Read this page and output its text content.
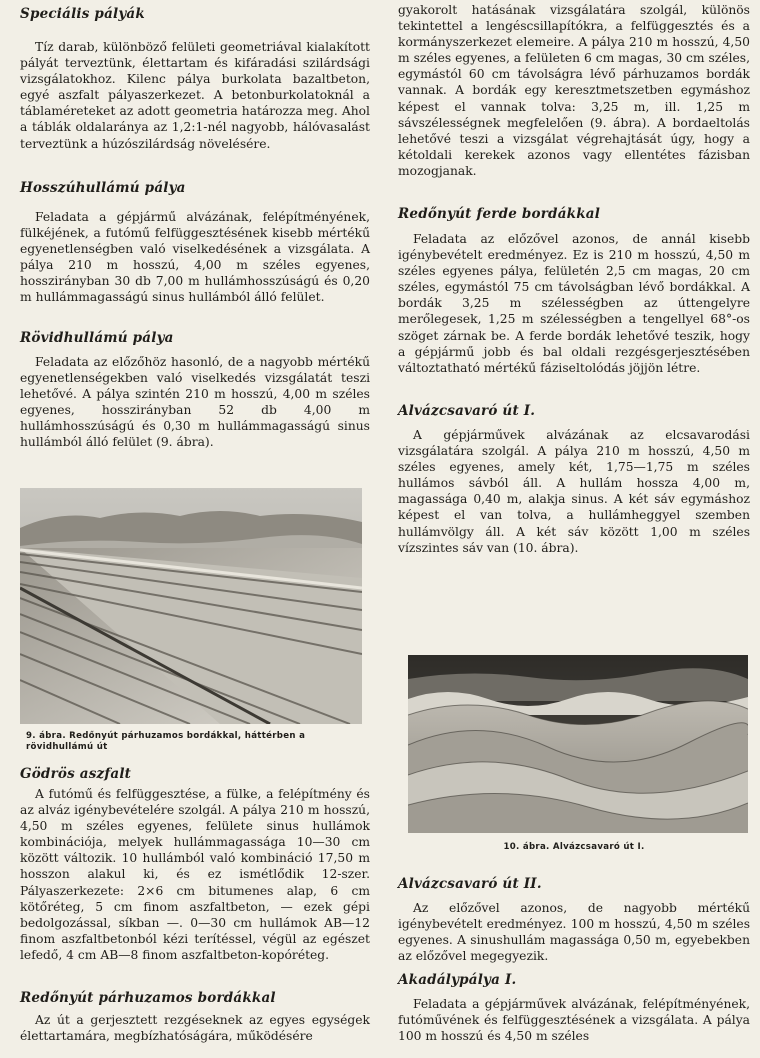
Speciális pályák

Tíz darab, különböző felületi geometriával kialakított pályát terveztünk, élettartam és kifáradási szilárdsági vizsgálatokhoz. Kilenc pálya burkolata bazaltbeton, egyé aszfalt pályaszerkezet. A betonburkolatoknál a táblaméreteket az adott geometria határozza meg. Ahol a táblák oldalaránya az 1,2:1-nél nagyobb, hálóvasalást terveztünk a húzószilárdság növelésére.

Hosszúhullámú pálya

Feladata a gépjármű alvázának, felépítményének, fülkéjének, a futómű felfüggesztésének kisebb mértékű egyenetlenségben való viselkedésének a vizsgálata. A pálya 210 m hosszú, 4,00 m széles egyenes, hosszirányban 30 db 7,00 m hullámhosszúságú és 0,20 m hullámmagasságú sinus hullámból álló felület.

Rövidhullámú pálya

Feladata az előzőhöz hasonló, de a nagyobb mértékű egyenetlenségekben való viselkedés vizsgálatát teszi lehetővé. A pálya szintén 210 m hosszú, 4,00 m széles egyenes, hosszirányban 52 db 4,00 m hullámhosszúságú és 0,30 m hullámmagasságú sinus hullámból álló felület (9. ábra).

9. ábra. Redőnyút párhuzamos bordákkal, háttérben a rövidhullámú út

Gödrös aszfalt

A futómű és felfüggesztése, a fülke, a felépítmény és az alváz igénybevételére szolgál. A pálya 210 m hosszú, 4,50 m széles egyenes, felülete sinus hullámok kombinációja, melyek hullámmagassága 10—30 cm között változik. 10 hullámból való kombináció 17,50 m hosszon alakul ki, és ez ismétlődik 12-szer. Pályaszerkezete: 2×6 cm bitumenes alap, 6 cm kötőréteg, 5 cm finom aszfaltbeton, — ezek gépi bedolgozással, síkban —. 0—30 cm hullámok AB—12 finom aszfaltbetonból kézi terítéssel, végül az egészet lefedő, 4 cm AB—8 finom aszfaltbeton-kopóréteg.

Redőnyút párhuzamos bordákkal

Az út a gerjesztett rezgéseknek az egyes egységek élettartamára, megbízhatóságára, működésére

gyakorolt hatásának vizsgálatára szolgál, különös tekintettel a lengéscsillapítókra, a felfüggesztés és a kormányszerkezet elemeire. A pálya 210 m hosszú, 4,50 m széles egyenes, a felületen 6 cm magas, 30 cm széles, egymástól 60 cm távolságra lévő párhuzamos bordák vannak. A bordák egy keresztmetszetben egymáshoz képest el vannak tolva: 3,25 m, ill. 1,25 m sávszélességnek megfelelően (9. ábra). A bordaeltolás lehetővé teszi a vizsgálat végrehajtását úgy, hogy a kétoldali kerekek azonos vagy ellentétes fázisban mozogjanak.

Redőnyút ferde bordákkal

Feladata az előzővel azonos, de annál kisebb igénybevételt eredményez. Ez is 210 m hosszú, 4,50 m széles egyenes pálya, felületén 2,5 cm magas, 20 cm széles, egymástól 75 cm távolságban lévő bordákkal. A bordák 3,25 m szélességben az úttengelyre merőlegesek, 1,25 m szélességben a tengellyel 68°-os szöget zárnak be. A ferde bordák lehetővé teszik, hogy a gépjármű jobb és bal oldali rezgésgerjesztésében változtatható mértékű fáziseltolódás jöjjön létre.

Alvázcsavaró út I.

A gépjárművek alvázának az elcsavarodási vizsgálatára szolgál. A pálya 210 m hosszú, 4,50 m széles egyenes, amely két, 1,75—1,75 m széles hullámos sávból áll. A hullám hossza 4,00 m, magassága 0,40 m, alakja sinus. A két sáv egymáshoz képest el van tolva, a hullámheggyel szemben hullámvölgy áll. A két sáv között 1,00 m széles vízszintes sáv van (10. ábra).

10. ábra. Alvázcsavaró út I.

Alvázcsavaró út II.

Az előzővel azonos, de nagyobb mértékű igénybevételt eredményez. 100 m hosszú, 4,50 m széles egyenes. A sinushullám magassága 0,50 m, egyebekben az előzővel megegyezik.

Akadálypálya I.

Feladata a gépjárművek alvázának, felépítményének, futóművének és felfüggesztésének a vizsgálata. A pálya 100 m hosszú és 4,50 m széles
